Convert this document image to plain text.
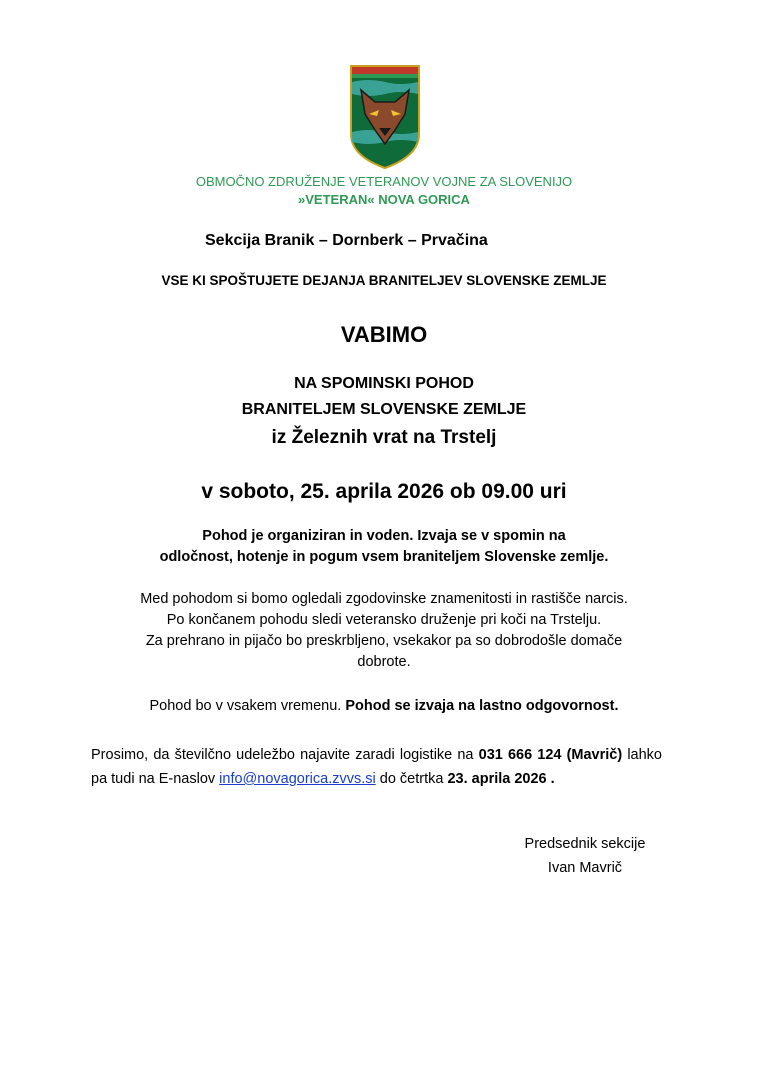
OBMOČNO ZDRUŽENJE VETERANOV VOJNE ZA SLOVENIJO
»VETERAN« NOVA GORICA
Sekcija Branik – Dornberk – Prvačina
VSE KI SPOŠTUJETE DEJANJA BRANITELJEV SLOVENSKE ZEMLJE
VABIMO
NA SPOMINSKI POHOD
BRANITELJEM SLOVENSKE ZEMLJE
iz Železnih vrat na Trstelj
v soboto, 25. aprila 2026 ob 09.00 uri
Pohod je organiziran in voden. Izvaja se v spomin na
odločnost, hotenje in pogum vsem braniteljem Slovenske zemlje.
Med pohodom si bomo ogledali zgodovinske znamenitosti in rastišče narcis.
Po končanem pohodu sledi veteransko druženje pri koči na Trstelju.
Za prehrano in pijačo bo preskrbljeno, vsekakor pa so dobrodošle domače
dobrote.
Pohod bo v vsakem vremenu. Pohod se izvaja na lastno odgovornost.
Prosimo, da številčno udeležbo najavite zaradi logistike na 031 666 124 (Mavrič) lahko pa tudi na E-naslov info@novagorica.zvvs.si do četrtka 23. aprila 2026 .
Predsednik sekcije
Ivan Mavrič
